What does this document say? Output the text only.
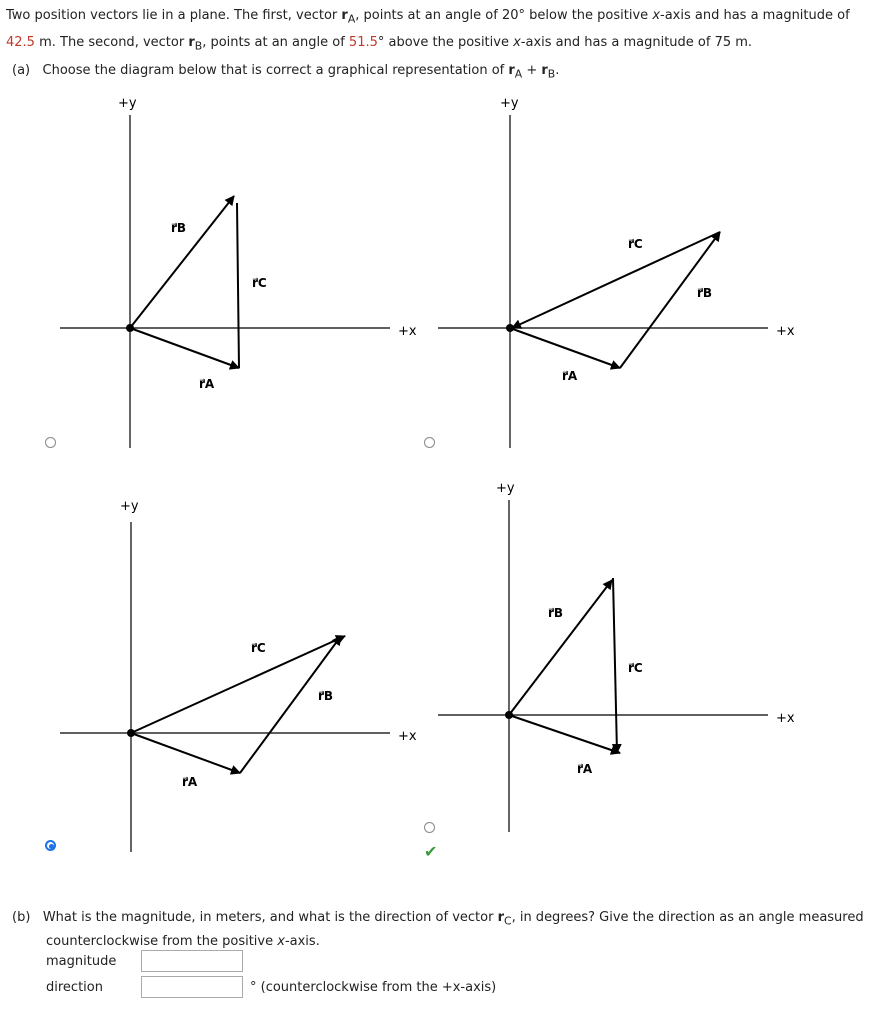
Two position vectors lie in a plane. The first, vector $r_A$, points at an angle of 20° below the positive x-axis and has a magnitude of
42.5 m. The second, vector $r_B$, points at an angle of 51.5° above the positive x-axis and has a magnitude of 75 m.
(a) Choose the diagram below that is correct a graphical representation of $r_A + r_B$.
+y
+x
r⃗B
r⃗C
r⃗A
+y
+x
r⃗C
r⃗B
r⃗A
+y
+x
r⃗C
r⃗B
r⃗A
+y
+x
r⃗B
r⃗C
r⃗A
✔
(b) What is the magnitude, in meters, and what is the direction of vector $r_C$, in degrees? Give the direction as an angle measured
counterclockwise from the positive x-axis.
magnitude
direction	° (counterclockwise from the +x-axis)
